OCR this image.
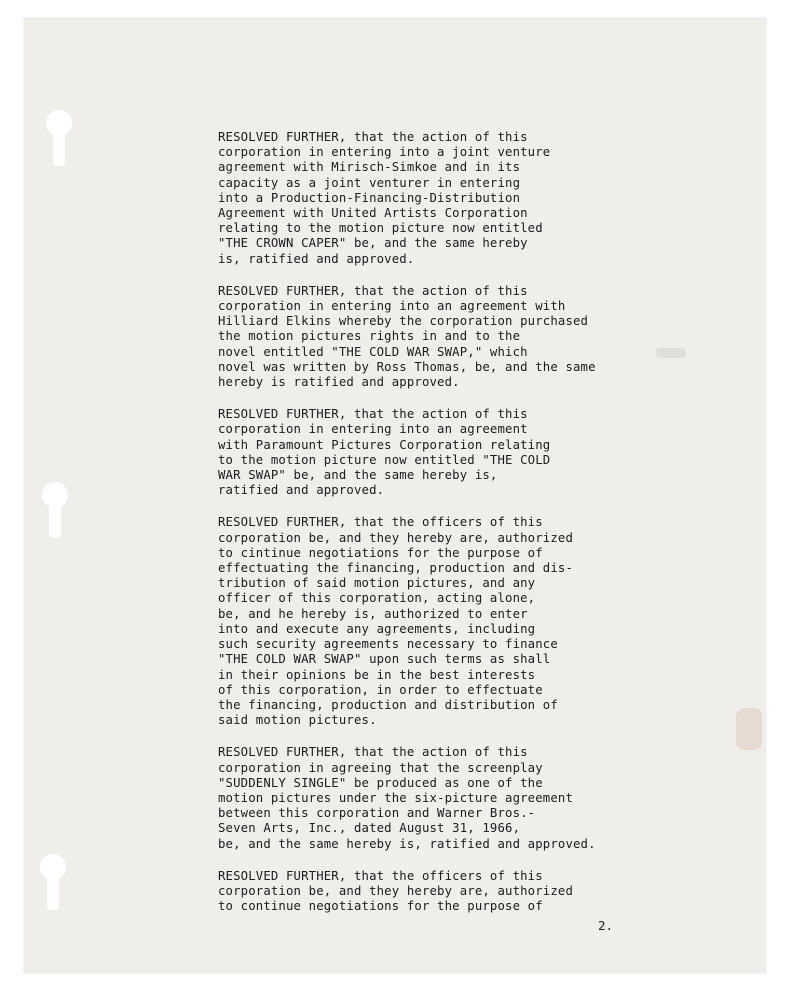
RESOLVED FURTHER, that the action of this
corporation in entering into a joint venture
agreement with Mirisch-Simkoe and in its
capacity as a joint venturer in entering
into a Production-Financing-Distribution
Agreement with United Artists Corporation
relating to the motion picture now entitled
"THE CROWN CAPER" be, and the same hereby
is, ratified and approved.
RESOLVED FURTHER, that the action of this
corporation in entering into an agreement with
Hilliard Elkins whereby the corporation purchased
the motion pictures rights in and to the
novel entitled "THE COLD WAR SWAP," which
novel was written by Ross Thomas, be, and the same
hereby is ratified and approved.
RESOLVED FURTHER, that the action of this
corporation in entering into an agreement
with Paramount Pictures Corporation relating
to the motion picture now entitled "THE COLD
WAR SWAP" be, and the same hereby is,
ratified and approved.
RESOLVED FURTHER, that the officers of this
corporation be, and they hereby are, authorized
to cintinue negotiations for the purpose of
effectuating the financing, production and dis-
tribution of said motion pictures, and any
officer of this corporation, acting alone,
be, and he hereby is, authorized to enter
into and execute any agreements, including
such security agreements necessary to finance
"THE COLD WAR SWAP" upon such terms as shall
in their opinions be in the best interests
of this corporation, in order to effectuate
the financing, production and distribution of
said motion pictures.
RESOLVED FURTHER, that the action of this
corporation in agreeing that the screenplay
"SUDDENLY SINGLE" be produced as one of the
motion pictures under the six-picture agreement
between this corporation and Warner Bros.-
Seven Arts, Inc., dated August 31, 1966,
be, and the same hereby is, ratified and approved.
RESOLVED FURTHER, that the officers of this
corporation be, and they hereby are, authorized
to continue negotiations for the purpose of
2.
